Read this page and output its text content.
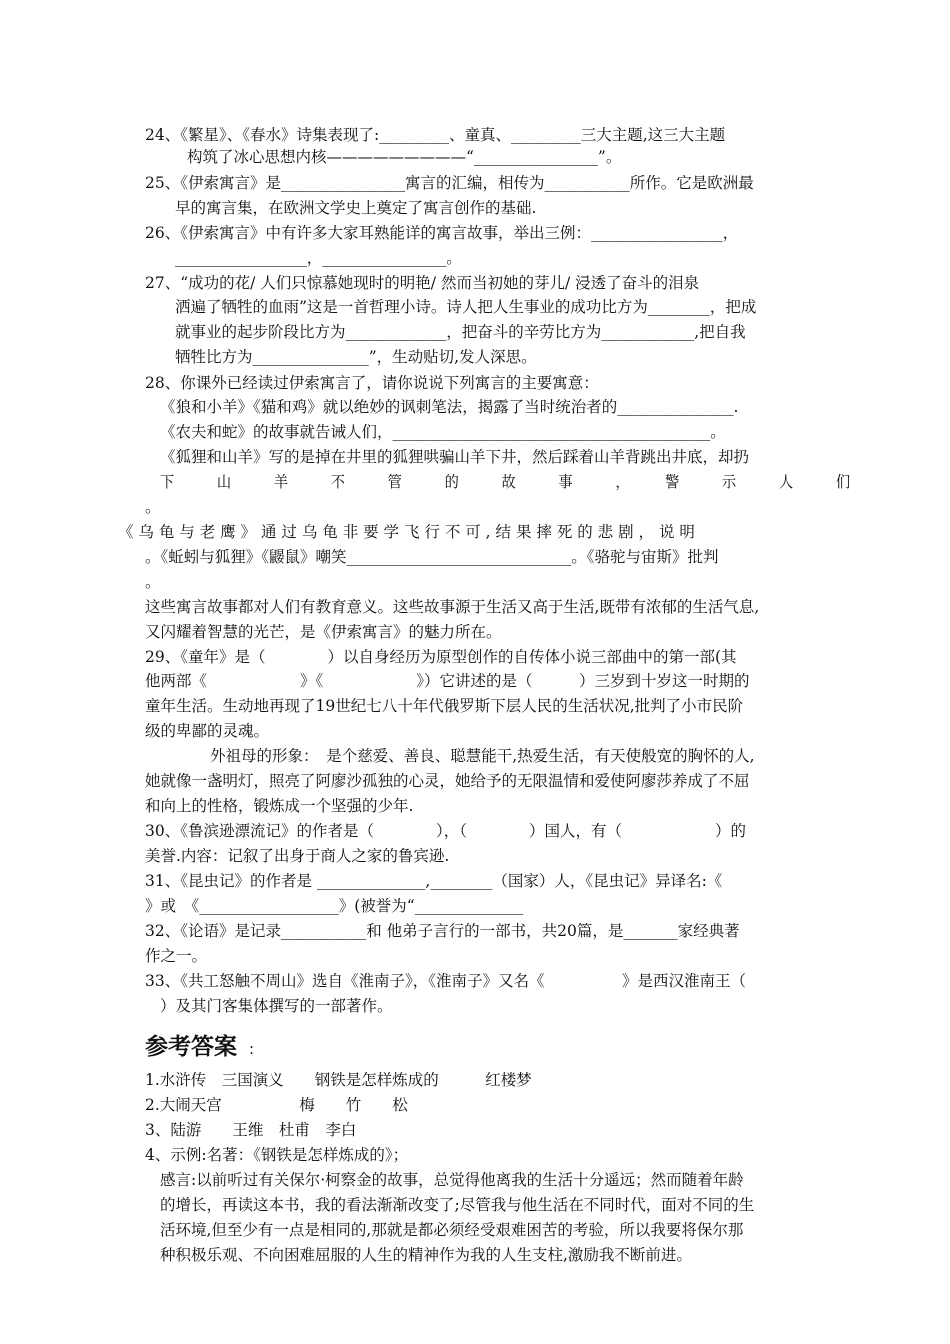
参考答案 :
24、《繁星》、《春水》诗集表现了:_________、童真、_________三大主题,这三大主题
构筑了冰心思想内核—————————“________________”。
25、《伊索寓言》是________________寓言的汇编，相传为___________所作。它是欧洲最
早的寓言集，在欧洲文学史上奠定了寓言创作的基础.
26、《伊索寓言》中有许多大家耳熟能详的寓言故事，举出三例：_________________，
_________________，________________。
27、“成功的花/ 人们只惊慕她现时的明艳/ 然而当初她的芽儿/ 浸透了奋斗的泪泉
洒遍了牺牲的血雨”这是一首哲理小诗。诗人把人生事业的成功比方为________，把成
就事业的起步阶段比方为_____________，把奋斗的辛劳比方为____________,把自我
牺牲比方为_______________”，生动贴切,发人深思。
28、你课外已经读过伊索寓言了，请你说说下列寓言的主要寓意：
《狼和小羊》《猫和鸡》就以绝妙的讽刺笔法，揭露了当时统治者的_______________.
《农夫和蛇》的故事就告诫人们，_________________________________________。
《狐狸和山羊》写的是掉在井里的狐狸哄骗山羊下井，然后踩着山羊背跳出井底，却扔
下　　　山　　　羊　　　不　　　管　　　的　　　故　　　事　　　，　　　警　　　示　　　人　　　们
。
《 乌 龟 与 老 鹰 》 通 过 乌 龟 非 要 学 飞 行 不 可 , 结 果 摔 死 的 悲 剧 ， 说 明
。《蚯蚓与狐狸》《鼹鼠》嘲笑_____________________________。《骆驼与宙斯》批判
。
这些寓言故事都对人们有教育意义。这些故事源于生活又高于生活,既带有浓郁的生活气息,
又闪耀着智慧的光芒，是《伊索寓言》的魅力所在。
29、《童年》是（　　　　）以自身经历为原型创作的自传体小说三部曲中的第一部(其
他两部《　　　　　　》《　　　　　　》）它讲述的是（　　　）三岁到十岁这一时期的
童年生活。生动地再现了19世纪七八十年代俄罗斯下层人民的生活状况,批判了小市民阶
级的卑鄙的灵魂。
外祖母的形象：　是个慈爱、善良、聪慧能干,热爱生活，有天使般宽的胸怀的人,
她就像一盏明灯，照亮了阿廖沙孤独的心灵，她给予的无限温情和爱使阿廖莎养成了不屈
和向上的性格，锻炼成一个坚强的少年.
30、《鲁滨逊漂流记》的作者是（　　　　），（　　　　）国人，有（　　　　　　）的
美誉.内容：记叙了出身于商人之家的鲁宾逊.
31、《昆虫记》的作者是 ______________,________（国家）人，《昆虫记》异译名:《
》或　《__________________》(被誉为“______________
32、《论语》是记录___________和 他弟子言行的一部书，共20篇，是_______家经典著
作之一。
33、《共工怒触不周山》选自《淮南子》，《淮南子》又名《　　　　　》是西汉淮南王（
）及其门客集体撰写的一部著作。
1.水浒传　三国演义　　钢铁是怎样炼成的　　　红楼梦
2.大闹天宫　　　　　梅　　竹　　松
3、陆游　　王维　杜甫　李白
4、示例:名著：《钢铁是怎样炼成的》；
感言:以前听过有关保尔·柯察金的故事，总觉得他离我的生活十分遥远；然而随着年龄
的增长，再读这本书，我的看法渐渐改变了;尽管我与他生活在不同时代，面对不同的生
活环境,但至少有一点是相同的,那就是都必须经受艰难困苦的考验，所以我要将保尔那
种积极乐观、不向困难屈服的人生的精神作为我的人生支柱,激励我不断前进。
